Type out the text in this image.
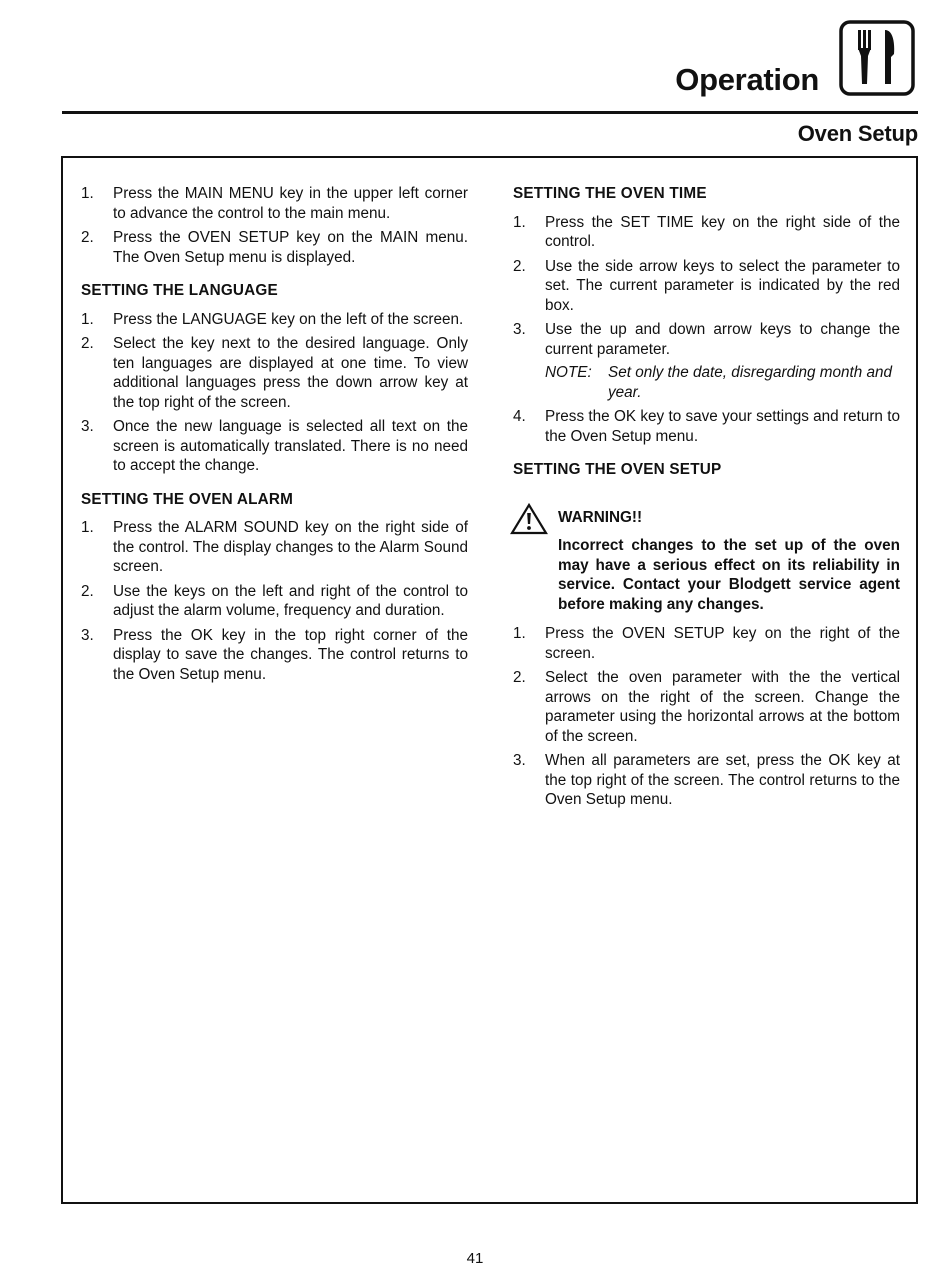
Operation
Oven Setup
1. Press the MAIN MENU key in the upper left corner to advance the control to the main menu.
2. Press the OVEN SETUP key on the MAIN menu. The Oven Setup menu is displayed.
SETTING THE LANGUAGE
1. Press the LANGUAGE key on the left of the screen.
2. Select the key next to the desired language. Only ten languages are displayed at one time. To view additional languages press the down arrow key at the top right of the screen.
3. Once the new language is selected all text on the screen is automatically translated. There is no need to accept the change.
SETTING THE OVEN ALARM
1. Press the ALARM SOUND key on the right side of the control. The display changes to the Alarm Sound screen.
2. Use the keys on the left and right of the control to adjust the alarm volume, frequency and duration.
3. Press the OK key in the top right corner of the display to save the changes. The control returns to the Oven Setup menu.
SETTING THE OVEN TIME
1. Press the SET TIME key on the right side of the control.
2. Use the side arrow keys to select the parameter to set. The current parameter is indicated by the red box.
3. Use the up and down arrow keys to change the current parameter.
NOTE: Set only the date, disregarding month and year.
4. Press the OK key to save your settings and return to the Oven Setup menu.
SETTING THE OVEN SETUP
WARNING!!
Incorrect changes to the set up of the oven may have a serious effect on its reliability in service. Contact your Blodgett service agent before making any changes.
1. Press the OVEN SETUP key on the right of the screen.
2. Select the oven parameter with the the vertical arrows on the right of the screen. Change the parameter using the horizontal arrows at the bottom of the screen.
3. When all parameters are set, press the OK key at the top right of the screen. The control returns to the Oven Setup menu.
41
